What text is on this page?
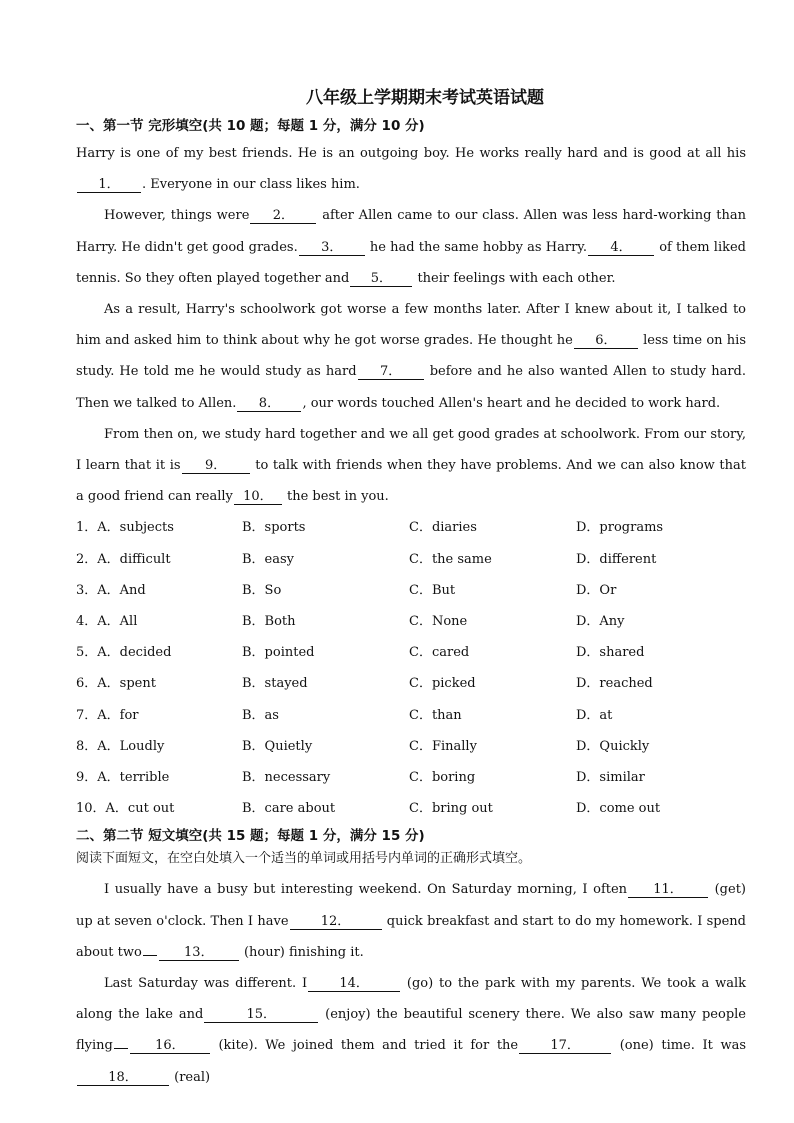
八年级上学期期末考试英语试题
一、第一节 完形填空(共 10 题；每题 1 分，满分 10 分)

Harry is one of my best friends. He is an outgoing boy. He works really hard and is good at all his1． . Everyone in our class likes him.

However, things were 2． after Allen came to our class. Allen was less hard-working than Harry. He didn't get good grades. 3． he had the same hobby as Harry. 4． of them liked tennis. So they often played together and 5． their feelings with each other.

As a result, Harry's schoolwork got worse a few months later. After I knew about it, I talked to him and asked him to think about why he got worse grades. He thought he 6． less time on his study. He told me he would study as hard 7． before and he also wanted Allen to study hard. Then we talked to Allen. 8． , our words touched Allen's heart and he decided to work hard.

From then on, we study hard together and we all get good grades at schoolwork. From our story, I learn that it is 9． to talk with friends when they have problems. And we can also know that a good friend can really 10． the best in you.

1．A．subjects	B．sports	C．diaries	D．programs
2．A．difficult	B．easy	C．the same	D．different
3．A．And	B．So	C．But	D．Or
4．A．All	B．Both	C．None	D．Any
5．A．decided	B．pointed	C．cared	D．shared
6．A．spent	B．stayed	C．picked	D．reached
7．A．for	B．as	C．than	D．at
8．A．Loudly	B．Quietly	C．Finally	D．Quickly
9．A．terrible	B．necessary	C．boring	D．similar
10．A．cut out	B．care about	C．bring out	D．come out
二、第二节 短文填空(共 15 题；每题 1 分，满分 15 分)
阅读下面短文，在空白处填入一个适当的单词或用括号内单词的正确形式填空。

I usually have a busy but interesting weekend. On Saturday morning, I often 11． (get) up at seven o'clock. Then I have 12． quick breakfast and start to do my homework. I spend about two	13． (hour) finishing it.

Last Saturday was different. I 14． (go) to the park with my parents. We took a walk along the lake and	15．	(enjoy) the beautiful scenery there. We also saw many people flying	16． (kite). We joined them and tried it for the 17． (one) time. It was18． (real)
